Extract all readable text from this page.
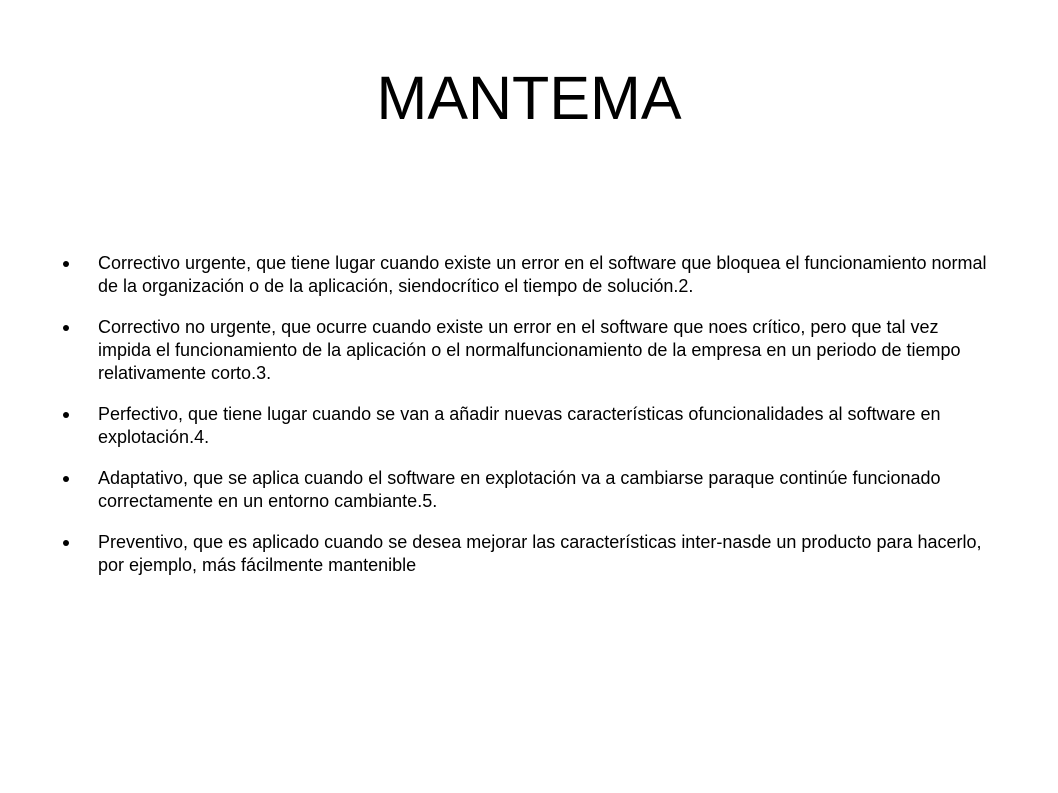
MANTEMA
Correctivo urgente, que tiene lugar cuando existe un error en el software que bloquea el funcionamiento normal de la organización o de la aplicación, siendocrítico el tiempo de solución.2.
Correctivo no urgente, que ocurre cuando existe un error en el software que noes crítico, pero que tal vez impida el funcionamiento de la aplicación o el normalfuncionamiento de la empresa en un periodo de tiempo relativamente corto.3.
Perfectivo, que tiene lugar cuando se van a añadir nuevas características ofuncionalidades al software en explotación.4.
Adaptativo, que se aplica cuando el software en explotación va a cambiarse paraque continúe funcionado correctamente en un entorno cambiante.5.
Preventivo, que es aplicado cuando se desea mejorar las características inter-nasde un producto para hacerlo, por ejemplo, más fácilmente mantenible
